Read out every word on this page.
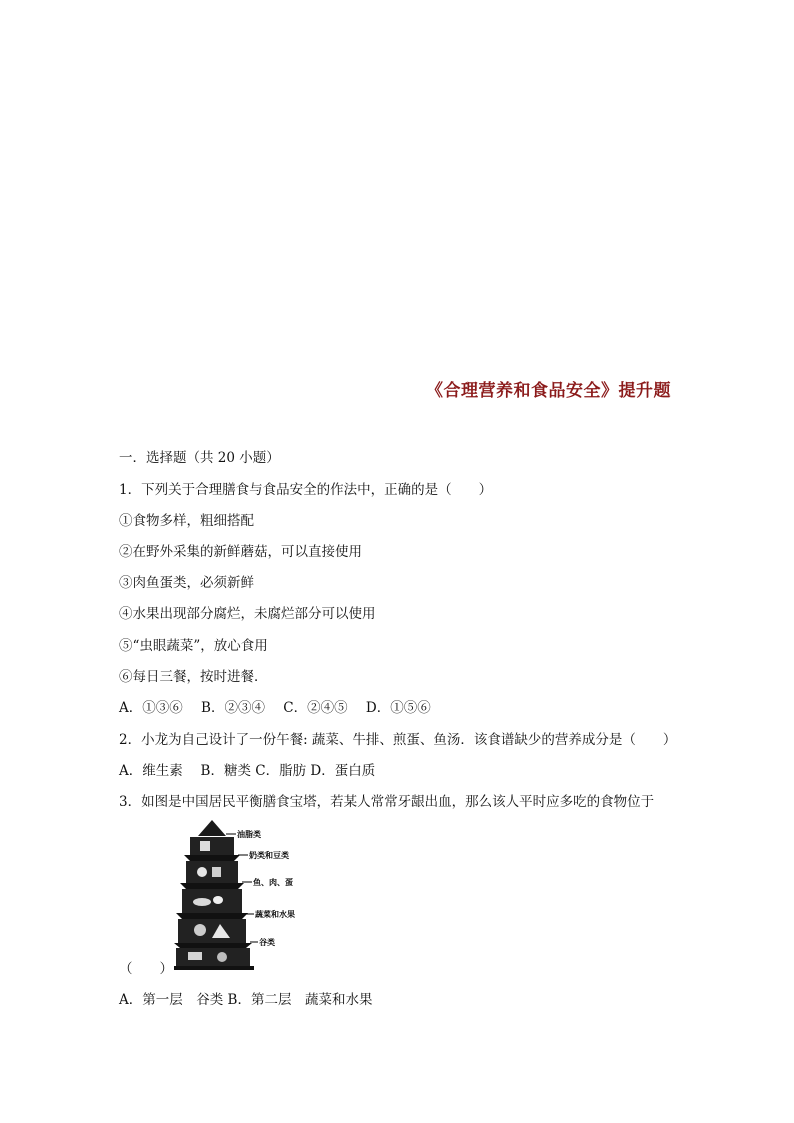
《合理营养和食品安全》提升题
一．选择题（共 20 小题）
1．下列关于合理膳食与食品安全的作法中，正确的是（　　）
①食物多样，粗细搭配
②在野外采集的新鲜蘑菇，可以直接使用
③肉鱼蛋类，必须新鲜
④水果出现部分腐烂，未腐烂部分可以使用
⑤“虫眼蔬菜”，放心食用
⑥每日三餐，按时进餐．
A．①③⑥ B．②③④ C．②④⑤ D．①⑤⑥
2．小龙为自己设计了一份午餐: 蔬菜、牛排、煎蛋、鱼汤．该食谱缺少的营养成分是（　　）
A．维生素　 B．糖类 C．脂肪 D．蛋白质
3．如图是中国居民平衡膳食宝塔，若某人常常牙龈出血，那么该人平时应多吃的食物位于
油脂类
奶类和豆类
鱼、肉、蛋
蔬菜和水果
谷类
（　　）
A．第一层　谷类 B．第二层　蔬菜和水果
